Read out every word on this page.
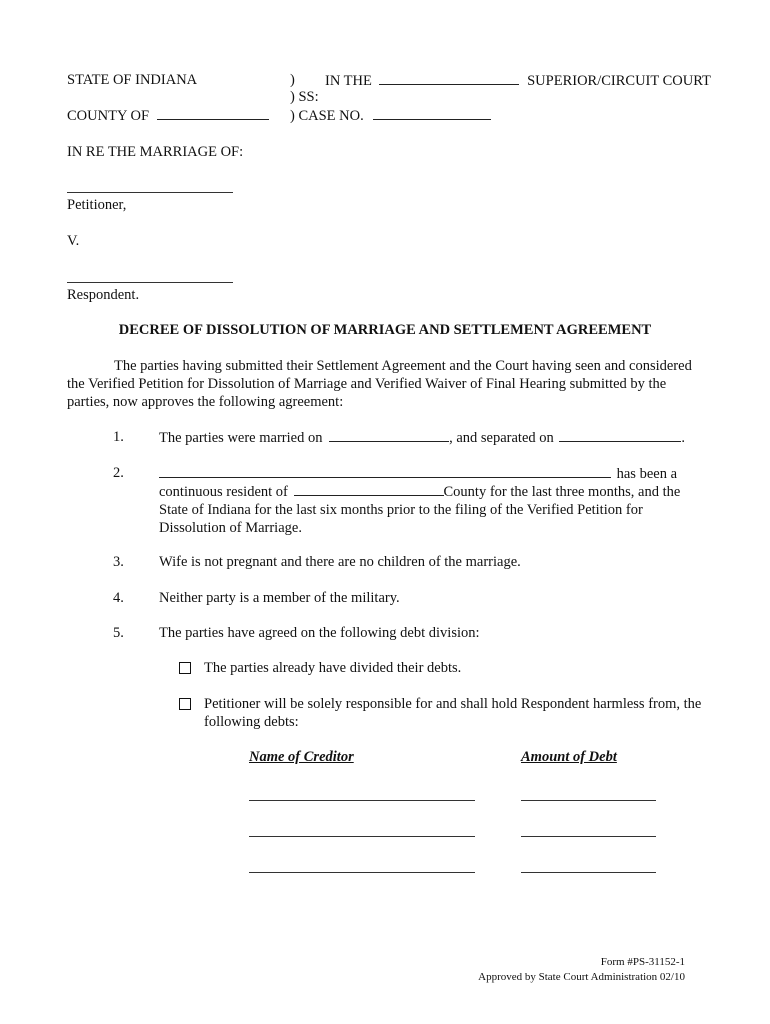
STATE OF INDIANA	) IN THE	SUPERIOR/CIRCUIT COURT
) SS:
COUNTY OF	) CASE NO.
IN RE THE MARRIAGE OF:
Petitioner,
V.
Respondent.
DECREE OF DISSOLUTION OF MARRIAGE AND SETTLEMENT AGREEMENT
The parties having submitted their Settlement Agreement and the Court having seen and considered the Verified Petition for Dissolution of Marriage and Verified Waiver of Final Hearing submitted by the parties, now approves the following agreement:
1. The parties were married on	, and separated on	.
2.	has been a
continuous resident of	County for the last three months, and the State of Indiana for the last six months prior to the filing of the Verified Petition for Dissolution of Marriage.
3. Wife is not pregnant and there are no children of the marriage.
4. Neither party is a member of the military.
5. The parties have agreed on the following debt division:
The parties already have divided their debts.
Petitioner will be solely responsible for and shall hold Respondent harmless from, the following debts:
Name of Creditor	Amount of Debt
Form #PS-31152-1
Approved by State Court Administration 02/10
